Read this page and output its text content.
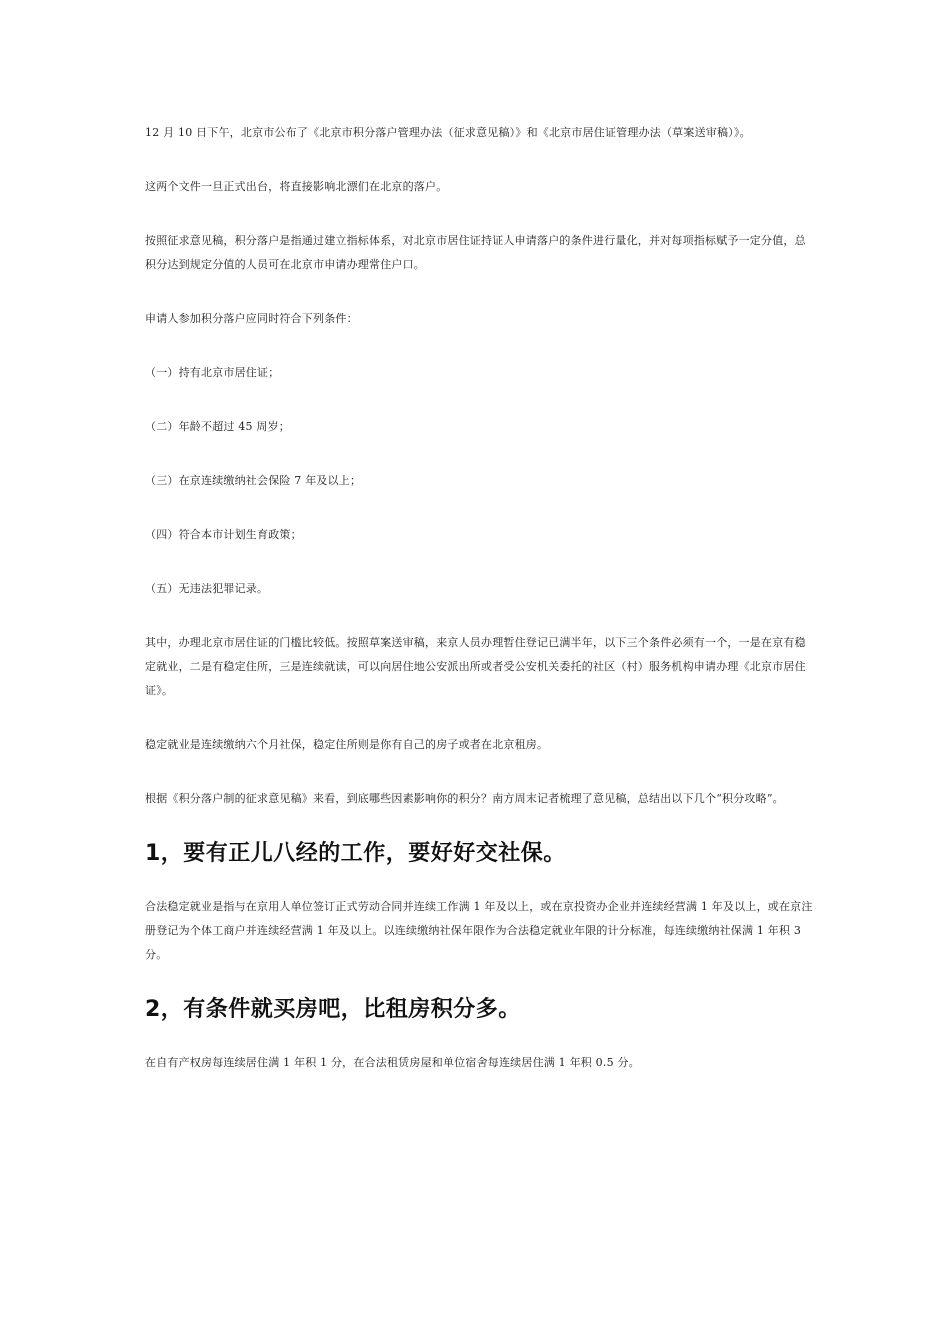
12 月 10 日下午，北京市公布了《北京市积分落户管理办法（征求意见稿）》和《北京市居住证管理办法（草案送审稿）》。

这两个文件一旦正式出台，将直接影响北漂们在北京的落户。

按照征求意见稿，积分落户是指通过建立指标体系，对北京市居住证持证人申请落户的条件进行量化，并对每项指标赋予一定分值，总积分达到规定分值的人员可在北京市申请办理常住户口。

申请人参加积分落户应同时符合下列条件：

（一）持有北京市居住证；

（二）年龄不超过 45 周岁；

（三）在京连续缴纳社会保险 7 年及以上；

（四）符合本市计划生育政策；

（五）无违法犯罪记录。

其中，办理北京市居住证的门槛比较低。按照草案送审稿，来京人员办理暂住登记已满半年，以下三个条件必须有一个，一是在京有稳定就业，二是有稳定住所，三是连续就读，可以向居住地公安派出所或者受公安机关委托的社区（村）服务机构申请办理《北京市居住证》。

稳定就业是连续缴纳六个月社保，稳定住所则是你有自己的房子或者在北京租房。

根据《积分落户制的征求意见稿》来看，到底哪些因素影响你的积分？南方周末记者梳理了意见稿，总结出以下几个“积分攻略”。

1，要有正儿八经的工作，要好好交社保。

合法稳定就业是指与在京用人单位签订正式劳动合同并连续工作满 1 年及以上，或在京投资办企业并连续经营满 1 年及以上，或在京注册登记为个体工商户并连续经营满 1 年及以上。以连续缴纳社保年限作为合法稳定就业年限的计分标准，每连续缴纳社保满 1 年积 3 分。

2，有条件就买房吧，比租房积分多。

在自有产权房每连续居住满 1 年积 1 分，在合法租赁房屋和单位宿舍每连续居住满 1 年积 0.5 分。
